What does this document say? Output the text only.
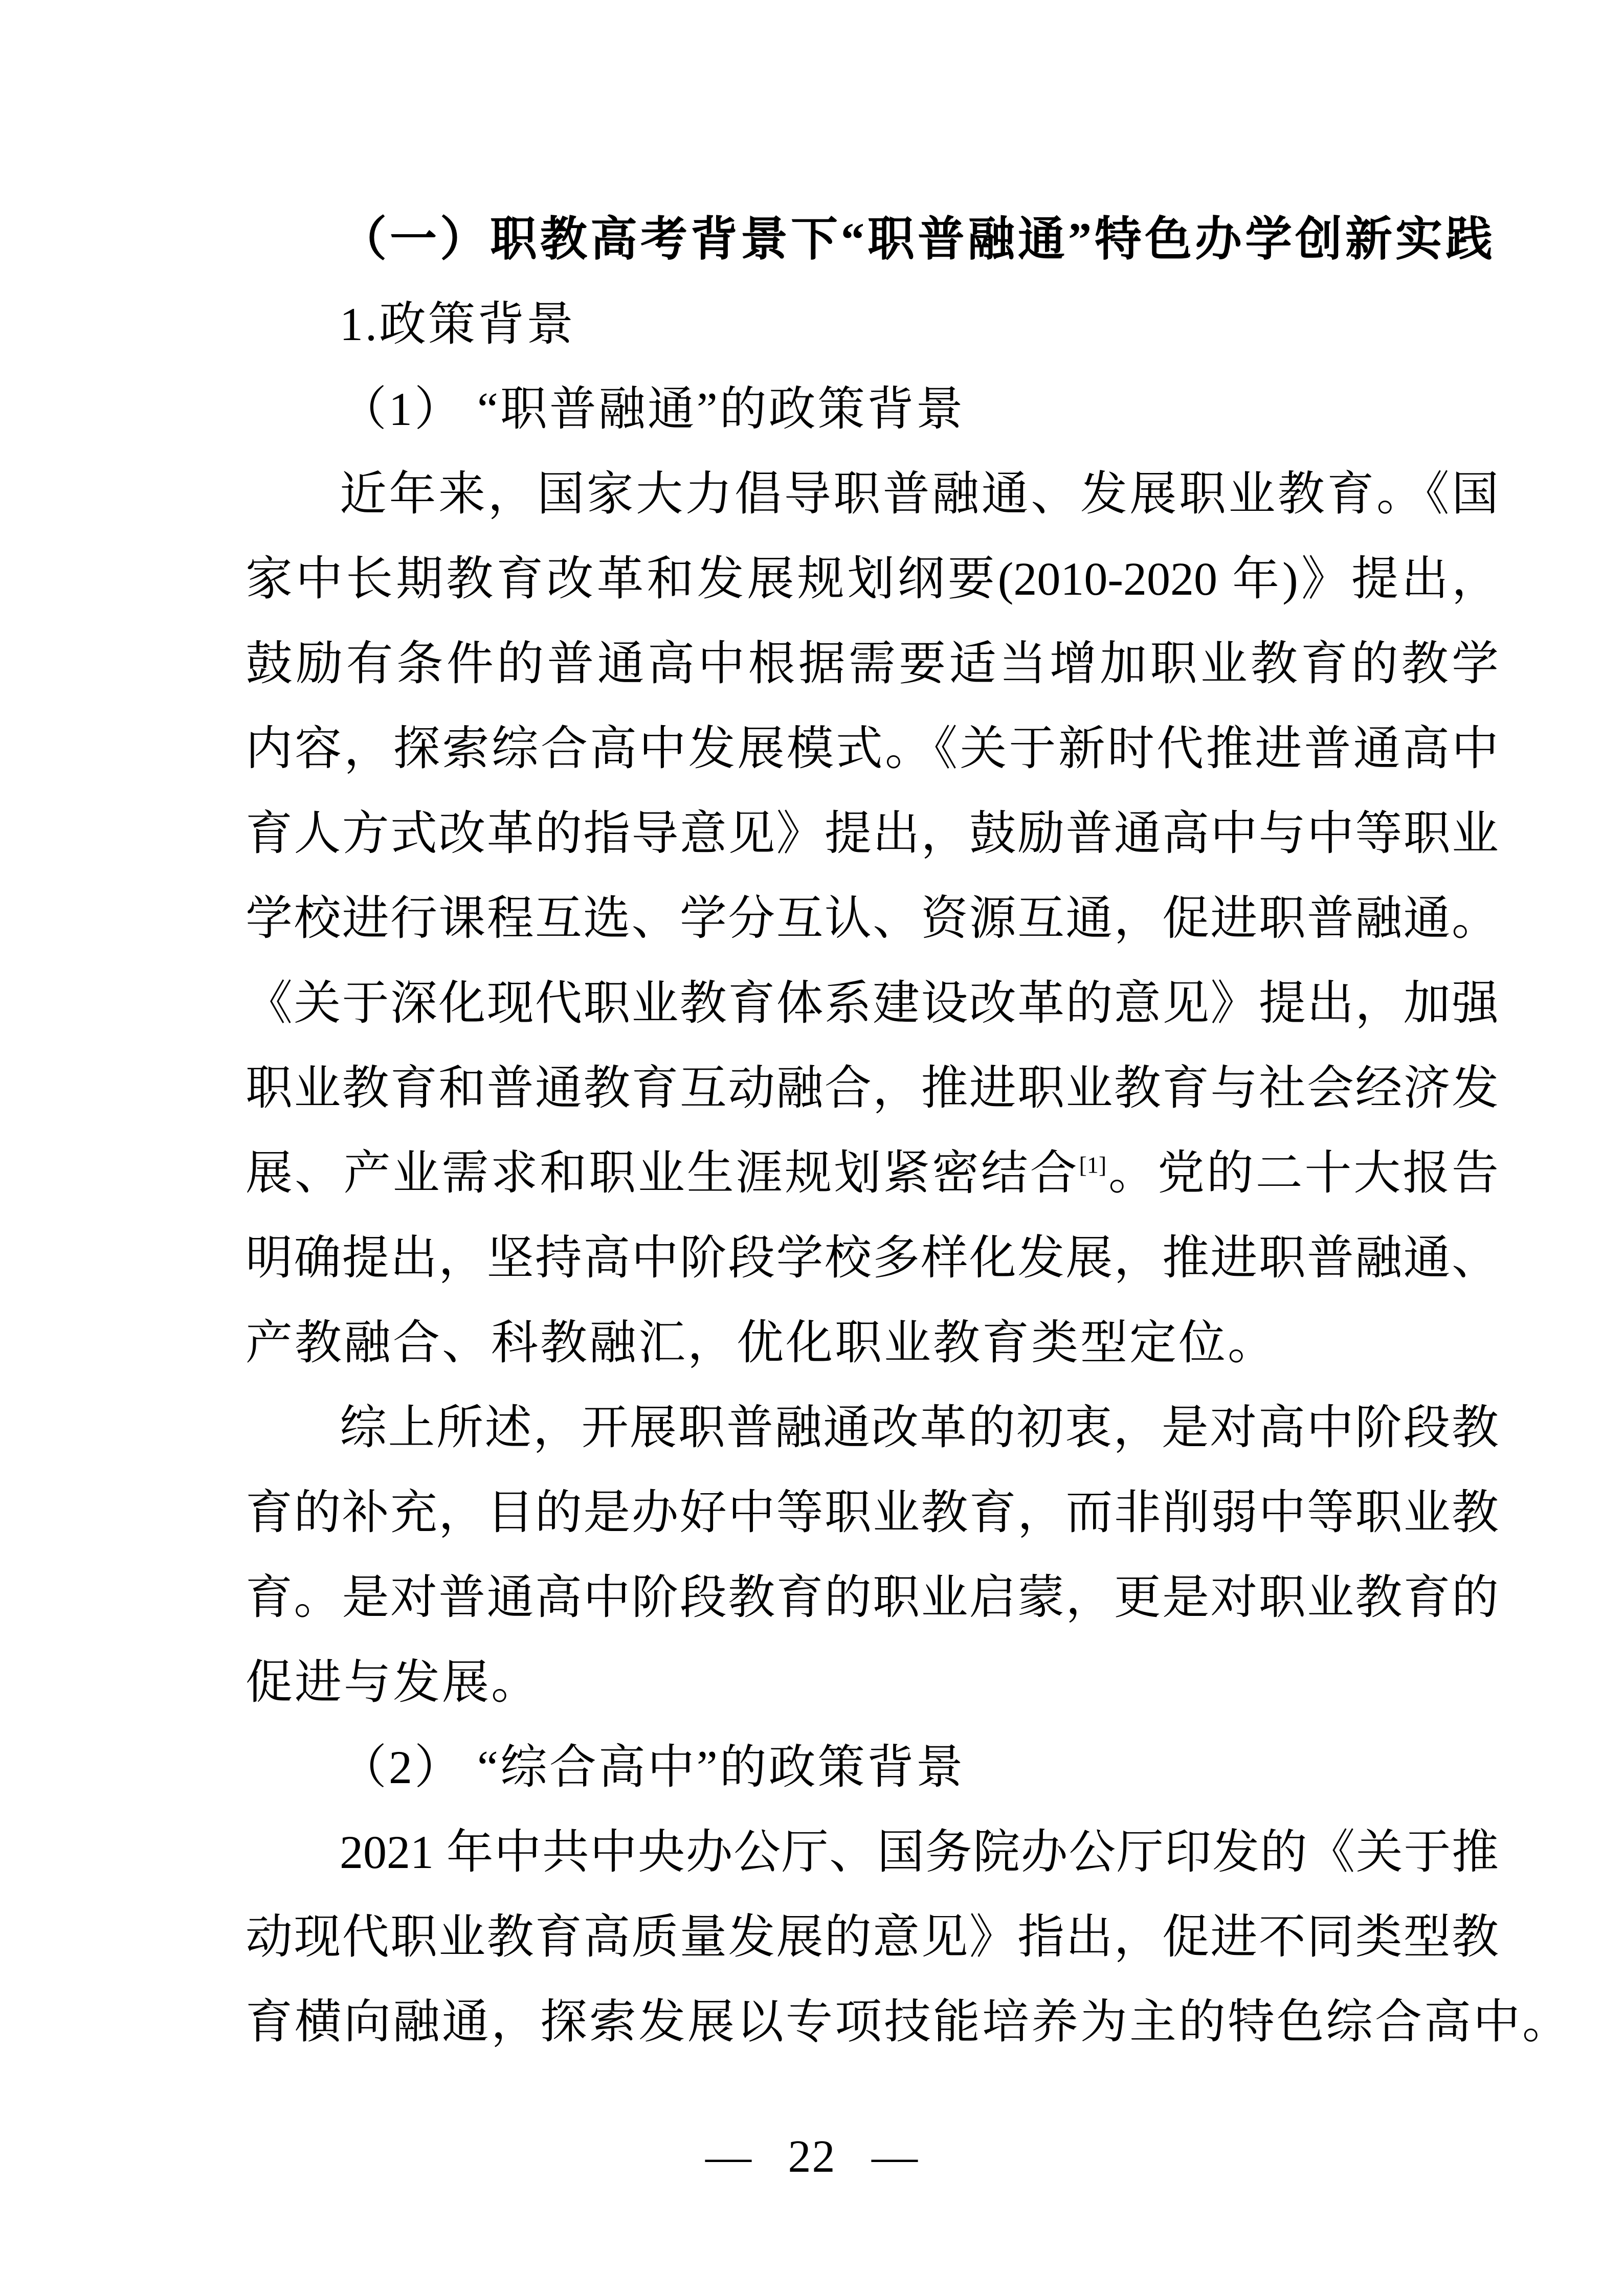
（一）职教高考背景下“职普融通”特色办学创新实践
1.政策背景
（1） “职普融通”的政策背景
近年来，国家大力倡导职普融通、发展职业教育。《国
家中长期教育改革和发展规划纲要(2010-2020 年)》提出，
鼓励有条件的普通高中根据需要适当增加职业教育的教学
内容，探索综合高中发展模式。《关于新时代推进普通高中
育人方式改革的指导意见》提出，鼓励普通高中与中等职业
学校进行课程互选、学分互认、资源互通，促进职普融通。
《关于深化现代职业教育体系建设改革的意见》提出，加强
职业教育和普通教育互动融合，推进职业教育与社会经济发
展、产业需求和职业生涯规划紧密结合[1]。党的二十大报告
明确提出，坚持高中阶段学校多样化发展，推进职普融通、
产教融合、科教融汇，优化职业教育类型定位。
综上所述，开展职普融通改革的初衷，是对高中阶段教
育的补充，目的是办好中等职业教育，而非削弱中等职业教
育。是对普通高中阶段教育的职业启蒙，更是对职业教育的
促进与发展。
（2） “综合高中”的政策背景
2021 年中共中央办公厅、国务院办公厅印发的《关于推
动现代职业教育高质量发展的意见》指出，促进不同类型教
育横向融通，探索发展以专项技能培养为主的特色综合高中。
— 22 —
